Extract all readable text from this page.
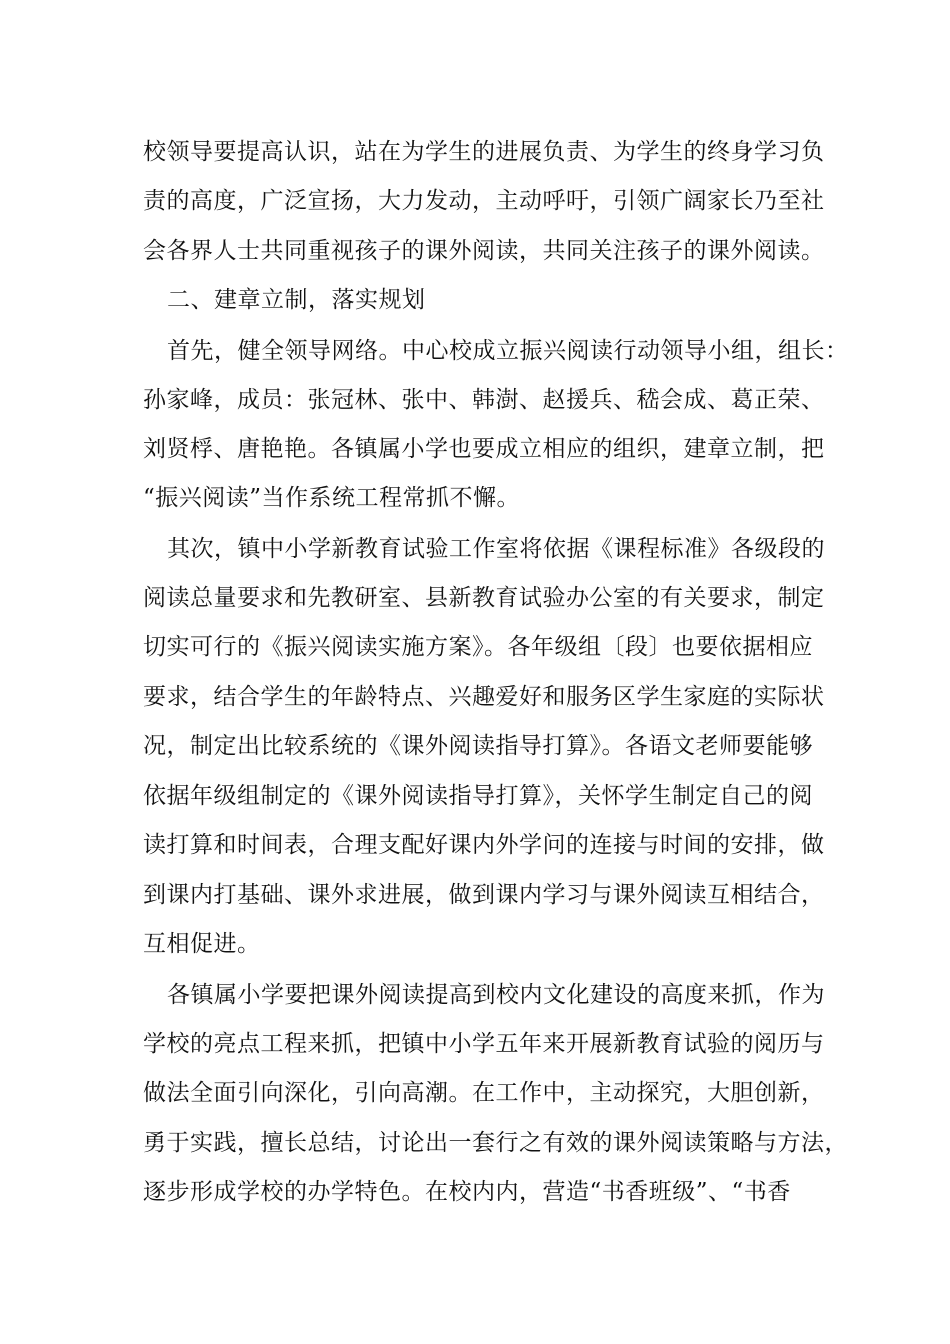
校领导要提高认识，站在为学生的进展负责、为学生的终身学习负
责的高度，广泛宣扬，大力发动，主动呼吁，引领广阔家长乃至社
会各界人士共同重视孩子的课外阅读，共同关注孩子的课外阅读。
二、建章立制，落实规划
首先，健全领导网络。中心校成立振兴阅读行动领导小组，组长：
孙家峰，成员：张冠林、张中、韩澍、赵援兵、嵇会成、葛正荣、
刘贤桴、唐艳艳。各镇属小学也要成立相应的组织，建章立制，把
“振兴阅读”当作系统工程常抓不懈。
其次，镇中小学新教育试验工作室将依据《课程标准》各级段的
阅读总量要求和先教研室、县新教育试验办公室的有关要求，制定
切实可行的《振兴阅读实施方案》。各年级组〔段〕也要依据相应
要求，结合学生的年龄特点、兴趣爱好和服务区学生家庭的实际状
况，制定出比较系统的《课外阅读指导打算》。各语文老师要能够
依据年级组制定的《课外阅读指导打算》，关怀学生制定自己的阅
读打算和时间表，合理支配好课内外学问的连接与时间的安排，做
到课内打基础、课外求进展，做到课内学习与课外阅读互相结合，
互相促进。
各镇属小学要把课外阅读提高到校内文化建设的高度来抓，作为
学校的亮点工程来抓，把镇中小学五年来开展新教育试验的阅历与
做法全面引向深化，引向高潮。在工作中，主动探究，大胆创新，
勇于实践，擅长总结，讨论出一套行之有效的课外阅读策略与方法，
逐步形成学校的办学特色。在校内内，营造“书香班级”、“书香
